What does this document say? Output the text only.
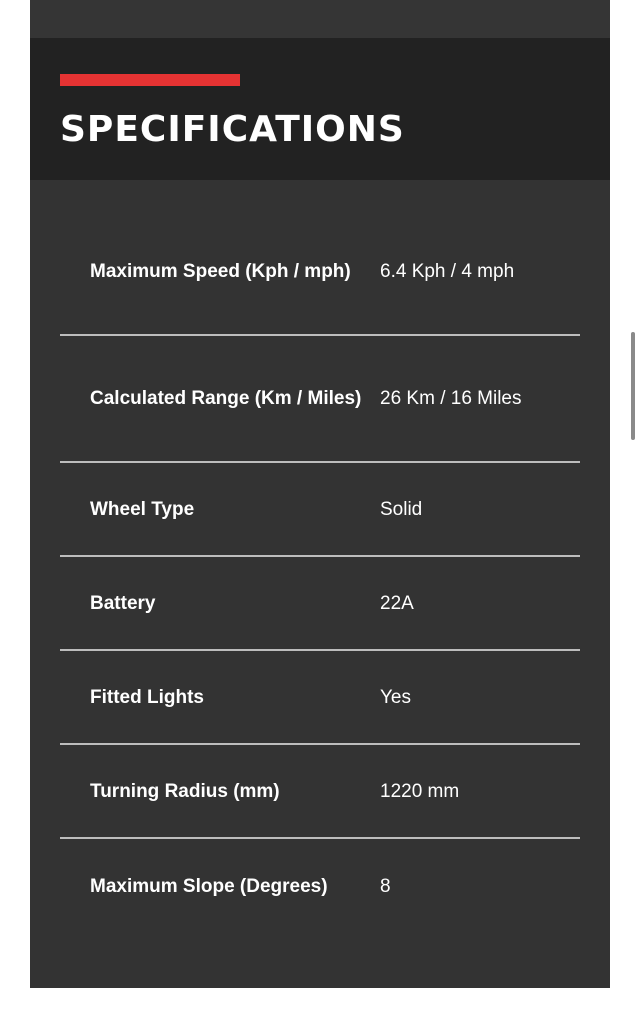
SPECIFICATIONS
Maximum Speed (Kph / mph)	6.4 Kph / 4 mph
Calculated Range (Km / Miles) 26 Km / 16 Miles
Wheel Type	Solid
Battery	22A
Fitted Lights	Yes
Turning Radius (mm)	1220 mm
Maximum Slope (Degrees)	8
